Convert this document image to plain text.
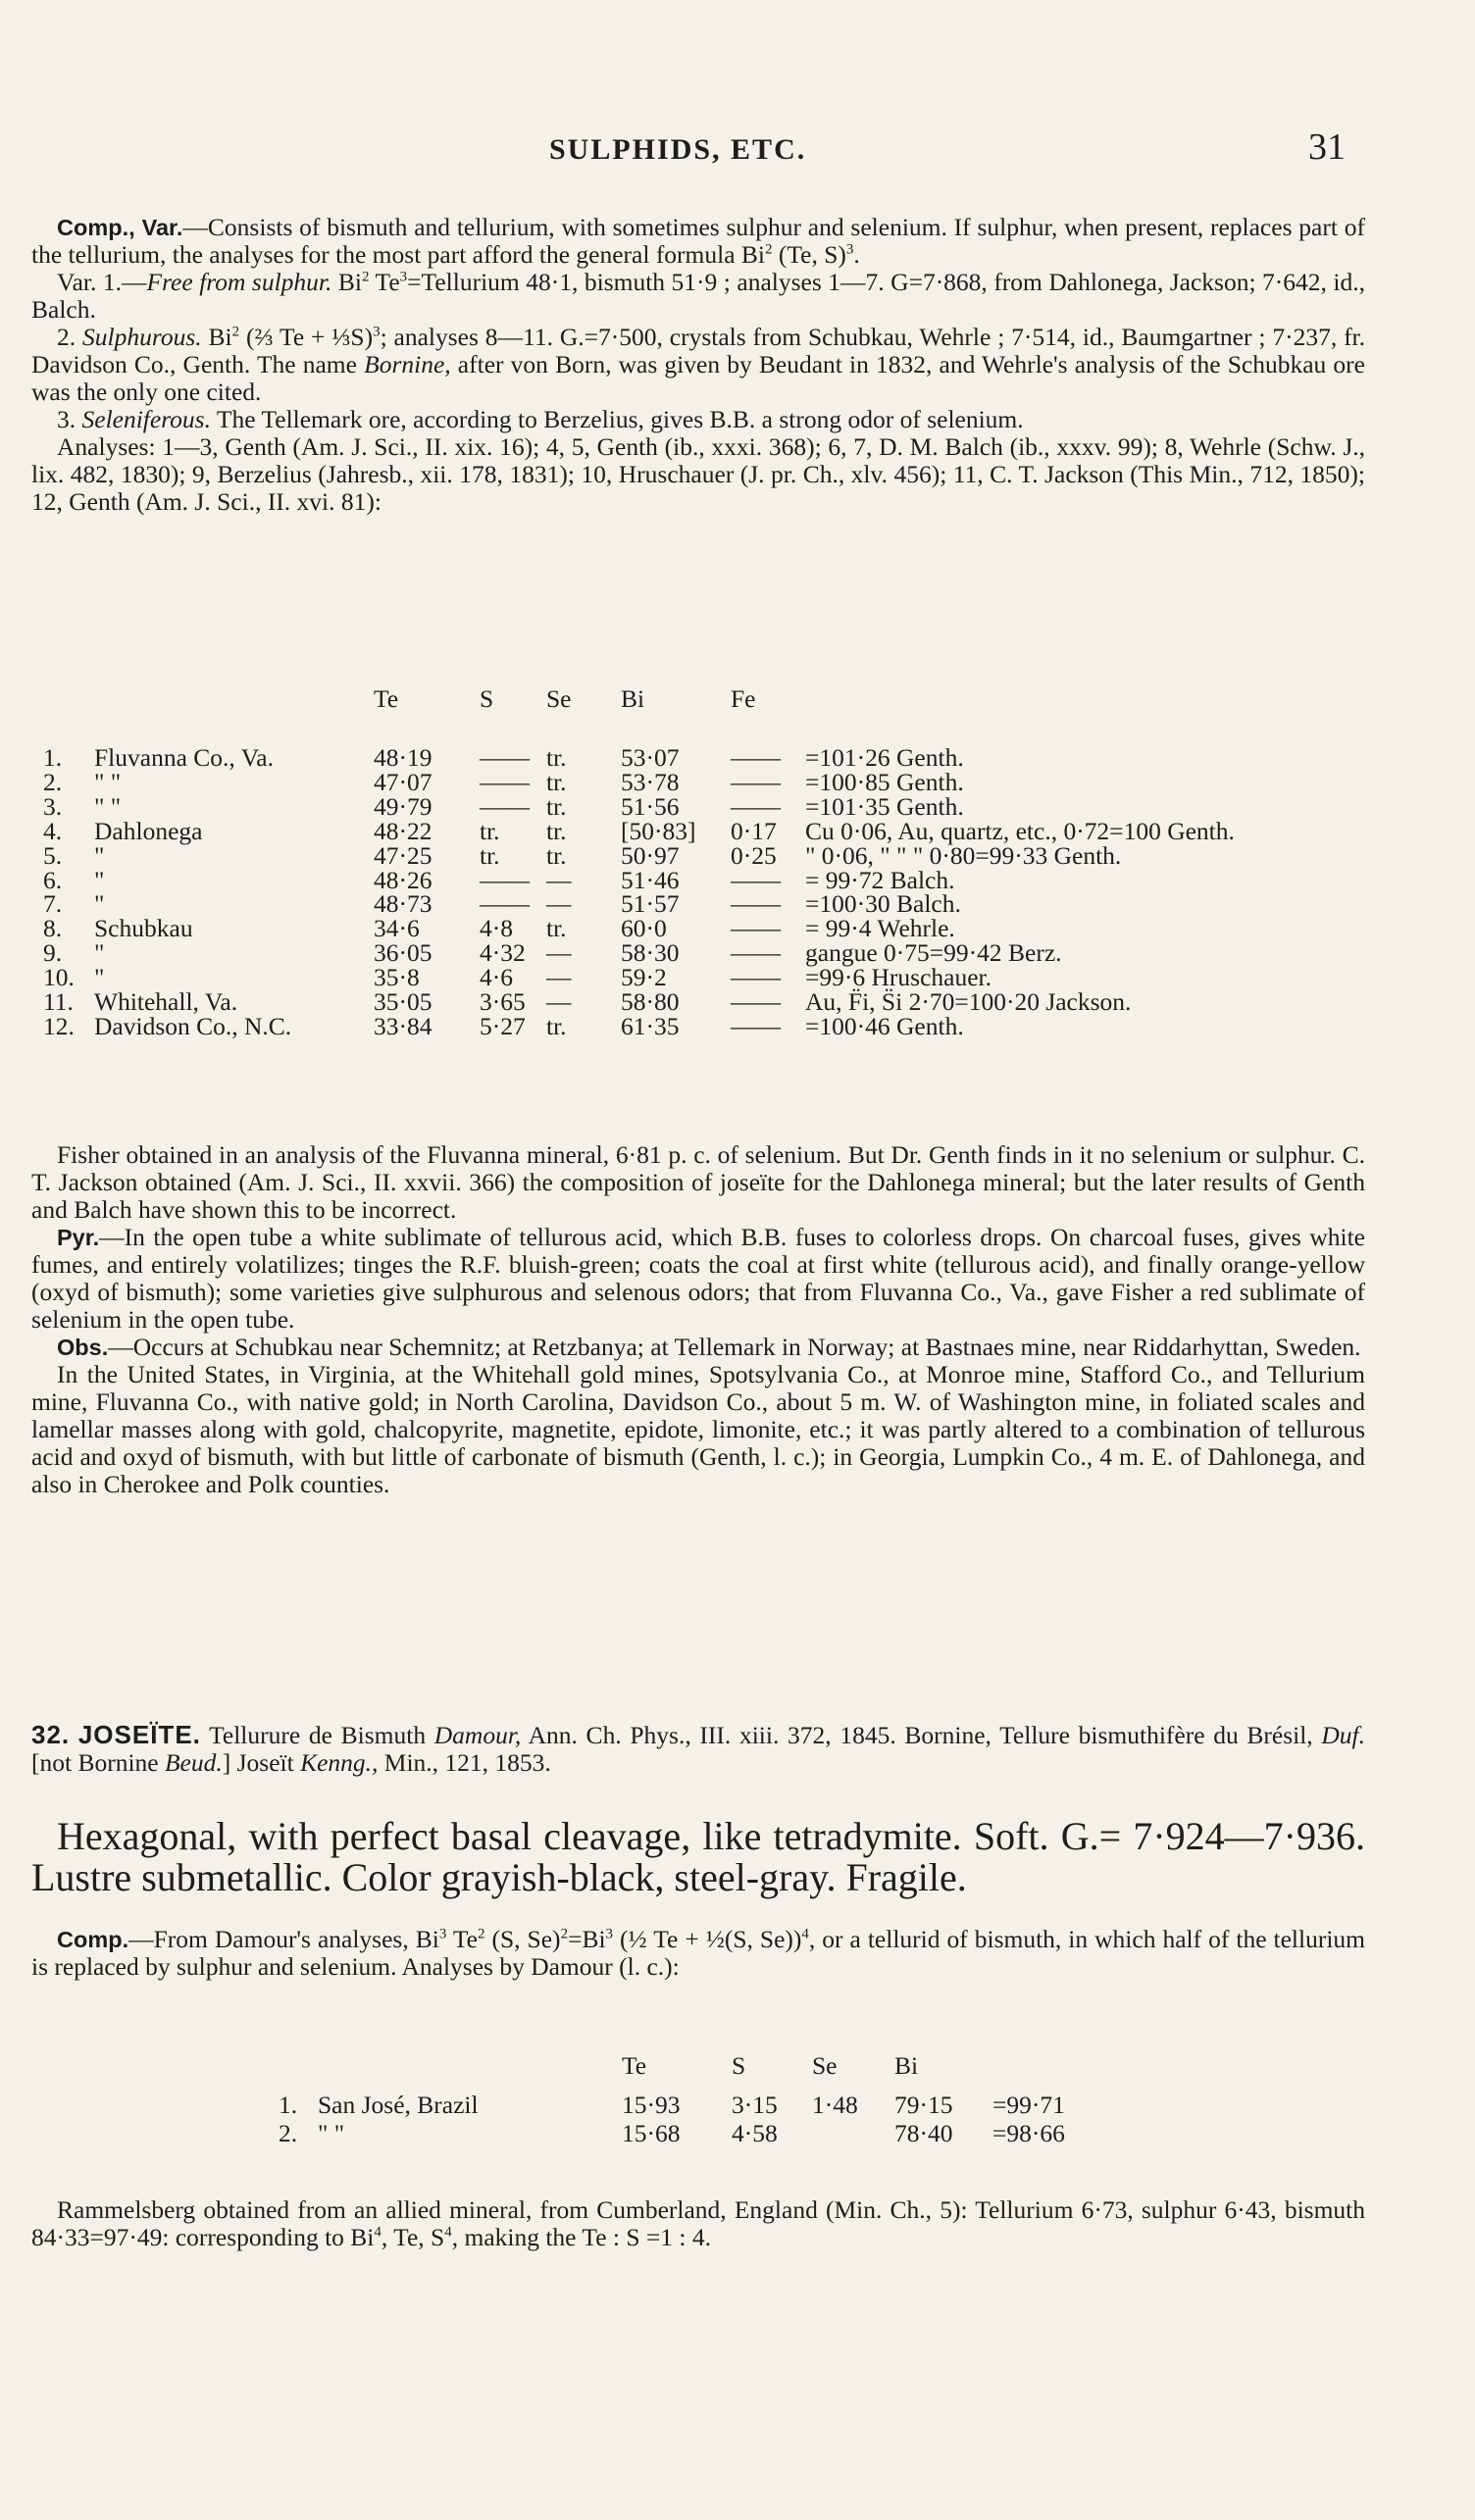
SULPHIDS, ETC.	31

Comp., Var.—Consists of bismuth and tellurium, with sometimes sulphur and selenium. If sulphur, when present, replaces part of the tellurium, the analyses for the most part afford the general formula Bi$^2$ (Te, S)$^3$.

Var. 1.—Free from sulphur. Bi$^2$ $Te^3=Tellurium$ 48·1, bismuth 51·9 ; analyses 1—7. G=7·868, from Dahlonega, Jackson; 7·642, id., Balch.

2. Sulphurous. Bi$^2$ (⅔ Te + ⅓S)$^3$; analyses 8—11. G.=7·500, crystals from Schubkau, Wehrle ; 7·514, id., Baumgartner ; 7·237, fr. Davidson Co., Genth. The name Bornine, after von Born, was given by Beudant in 1832, and Wehrle's analysis of the Schubkau ore was the only one cited.

3. Seleniferous. The Tellemark ore, according to Berzelius, gives B.B. a strong odor of selenium.

Analyses: 1—3, Genth (Am. J. Sci., II. xix. 16); 4, 5, Genth (ib., xxxi. 368); 6, 7, D. M. Balch (ib., xxxv. 99); 8, Wehrle (Schw. J., lix. 482, 1830); 9, Berzelius (Jahresb., xii. 178, 1831); 10, Hruschauer (J. pr. Ch., xlv. 456); 11, C. T. Jackson (This Min., 712, 1850); 12, Genth (Am. J. Sci., II. xvi. 81):

		Te	S	Se	Bi	Fe	
1.	Fluvanna Co., Va.	48·19	——	tr.	53·07	——	=101·26 Genth.
2.	" "	47·07	——	tr.	53·78	——	=100·85 Genth.
3.	" "	49·79	——	tr.	51·56	——	=101·35 Genth.
4.	Dahlonega	48·22	tr.	tr.	[50·83]	0·17	Cu 0·06, Au, quartz, etc., 0·72=100 Genth.
5.	"	47·25	tr.	tr.	50·97	0·25	" 0·06, " " " 0·80=99·33 Genth.
6.	"	48·26	——	—	51·46	——	= 99·72 Balch.
7.	"	48·73	——	—	51·57	——	=100·30 Balch.
8.	Schubkau	34·6	4·8	tr.	60·0	——	= 99·4 Wehrle.
9.	"	36·05	4·32	—	58·30	——	gangue 0·75=99·42 Berz.
10.	"	35·8	4·6	—	59·2	——	=99·6 Hruschauer.
11.	Whitehall, Va.	35·05	3·65	—	58·80	——	Au, F̈i, S̈i 2·70=100·20 Jackson.
12.	Davidson Co., N.C.	33·84	5·27	tr.	61·35	——	=100·46 Genth.

Fisher obtained in an analysis of the Fluvanna mineral, 6·81 p. c. of selenium. But Dr. Genth finds in it no selenium or sulphur. C. T. Jackson obtained (Am. J. Sci., II. xxvii. 366) the composition of joseïte for the Dahlonega mineral; but the later results of Genth and Balch have shown this to be incorrect.

Pyr.—In the open tube a white sublimate of tellurous acid, which B.B. fuses to colorless drops. On charcoal fuses, gives white fumes, and entirely volatilizes; tinges the R.F. bluish-green; coats the coal at first white (tellurous acid), and finally orange-yellow (oxyd of bismuth); some varieties give sulphurous and selenous odors; that from Fluvanna Co., Va., gave Fisher a red sublimate of selenium in the open tube.

Obs.—Occurs at Schubkau near Schemnitz; at Retzbanya; at Tellemark in Norway; at Bastnaes mine, near Riddarhyttan, Sweden.

In the United States, in Virginia, at the Whitehall gold mines, Spotsylvania Co., at Monroe mine, Stafford Co., and Tellurium mine, Fluvanna Co., with native gold; in North Carolina, Davidson Co., about 5 m. W. of Washington mine, in foliated scales and lamellar masses along with gold, chalcopyrite, magnetite, epidote, limonite, etc.; it was partly altered to a combination of tellurous acid and oxyd of bismuth, with but little of carbonate of bismuth (Genth, l. c.); in Georgia, Lumpkin Co., 4 m. E. of Dahlonega, and also in Cherokee and Polk counties.

32. JOSEÏTE. Tellurure de Bismuth Damour, Ann. Ch. Phys., III. xiii. 372, 1845. Bornine, Tellure bismuthifère du Brésil, Duf. [not Bornine Beud.] Joseït Kenng., Min., 121, 1853.

Hexagonal, with perfect basal cleavage, like tetradymite. Soft. G.= 7·924—7·936. Lustre submetallic. Color grayish-black, steel-gray. Fragile.

Comp.—From Damour's analyses, Bi$^3$ Te$^2$ (S, $Se)^2=Bi^3$ (½ Te + ½(S, Se))$^4$, or a tellurid of bismuth, in which half of the tellurium is replaced by sulphur and selenium. Analyses by Damour (l. c.):

		Te	S	Se	Bi	
1.	San José, Brazil	15·93	3·15	1·48	79·15	=99·71
2.	" "	15·68	4·58		78·40	=98·66

Rammelsberg obtained from an allied mineral, from Cumberland, England (Min. Ch., 5): Tellurium 6·73, sulphur 6·43, bismuth 84·33=97·49: corresponding to Bi$^4$, Te, $S^4$, making the Te : S =1 : 4.
